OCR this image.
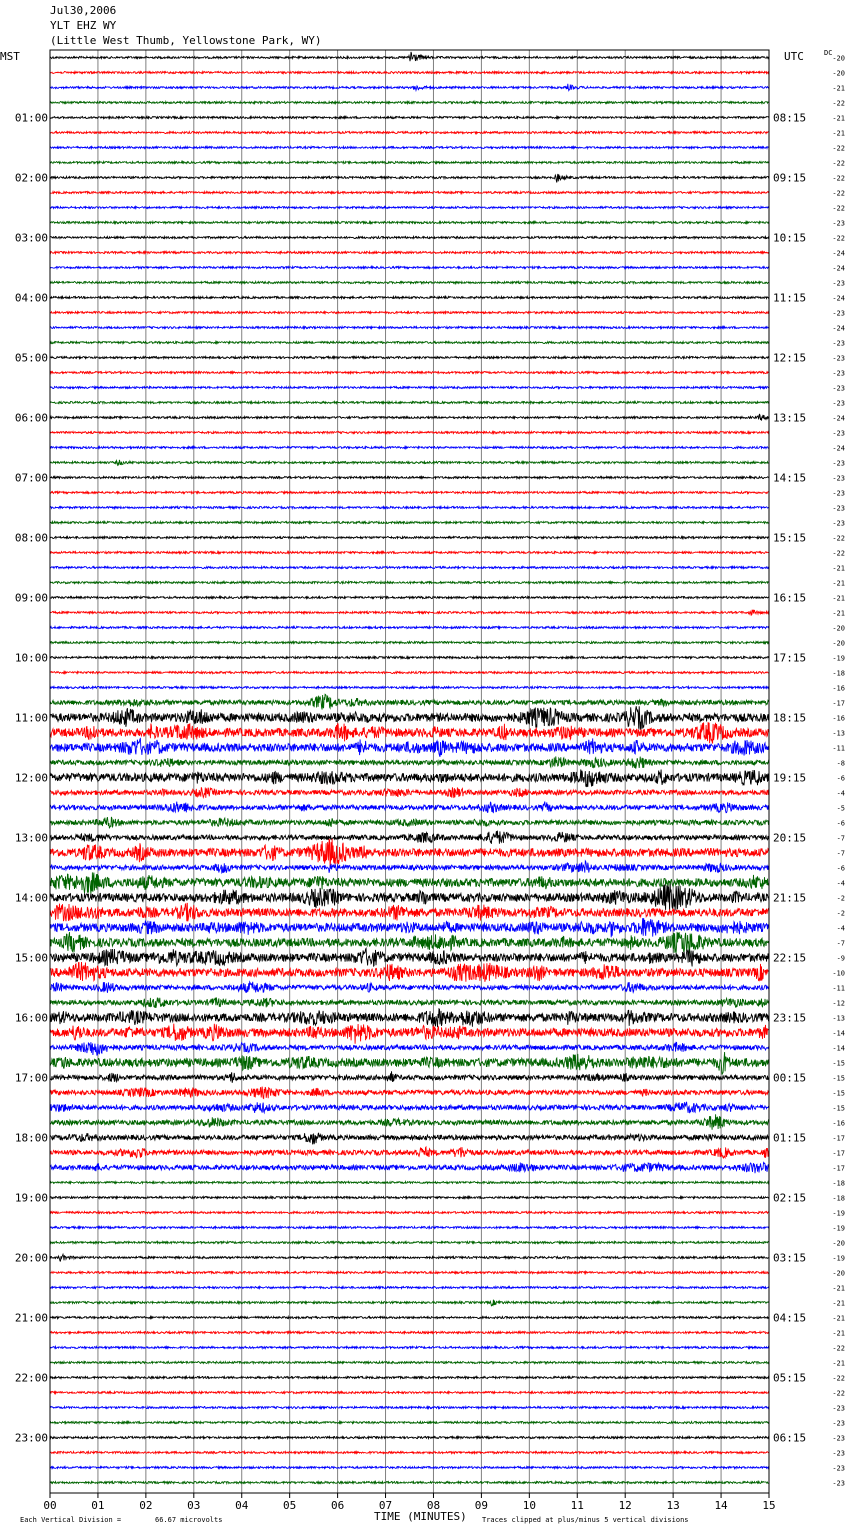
01:00
02:00
03:00
04:00
05:00
06:00
07:00
08:00
09:00
10:00
11:00
12:00
13:00
14:00
15:00
16:00
17:00
18:00
19:00
20:00
21:00
22:00
23:00
08:15
09:15
10:15
11:15
12:15
13:15
14:15
15:15
16:15
17:15
18:15
19:15
20:15
21:15
22:15
23:15
00:15
01:15
02:15
03:15
04:15
05:15
06:15
-20
-20
-21
-22
-21
-21
-22
-22
-22
-22
-22
-23
-22
-24
-24
-23
-24
-23
-24
-23
-23
-23
-23
-23
-24
-23
-24
-23
-23
-23
-23
-23
-22
-22
-21
-21
-21
-21
-20
-20
-19
-18
-16
-17
-16
-13
-11
-8
-6
-4
-5
-6
-7
-7
-6
-4
-2
-2
-4
-7
-9
-10
-11
-12
-13
-14
-14
-15
-15
-15
-15
-16
-17
-17
-17
-18
-18
-19
-19
-20
-19
-20
-21
-21
-21
-21
-22
-21
-22
-22
-23
-23
-23
-23
-23
-23
00	01	02	03	04	05	06	07	08	09	10	11	12	13	14	15
Jul30,2006
YLT EHZ WY
(Little West Thumb, Yellowstone Park, WY)
MST	UTC	DC
TIME (MINUTES)
Each Vertical Division =	66.67 microvolts	Traces clipped at plus/minus 5 vertical divisions
